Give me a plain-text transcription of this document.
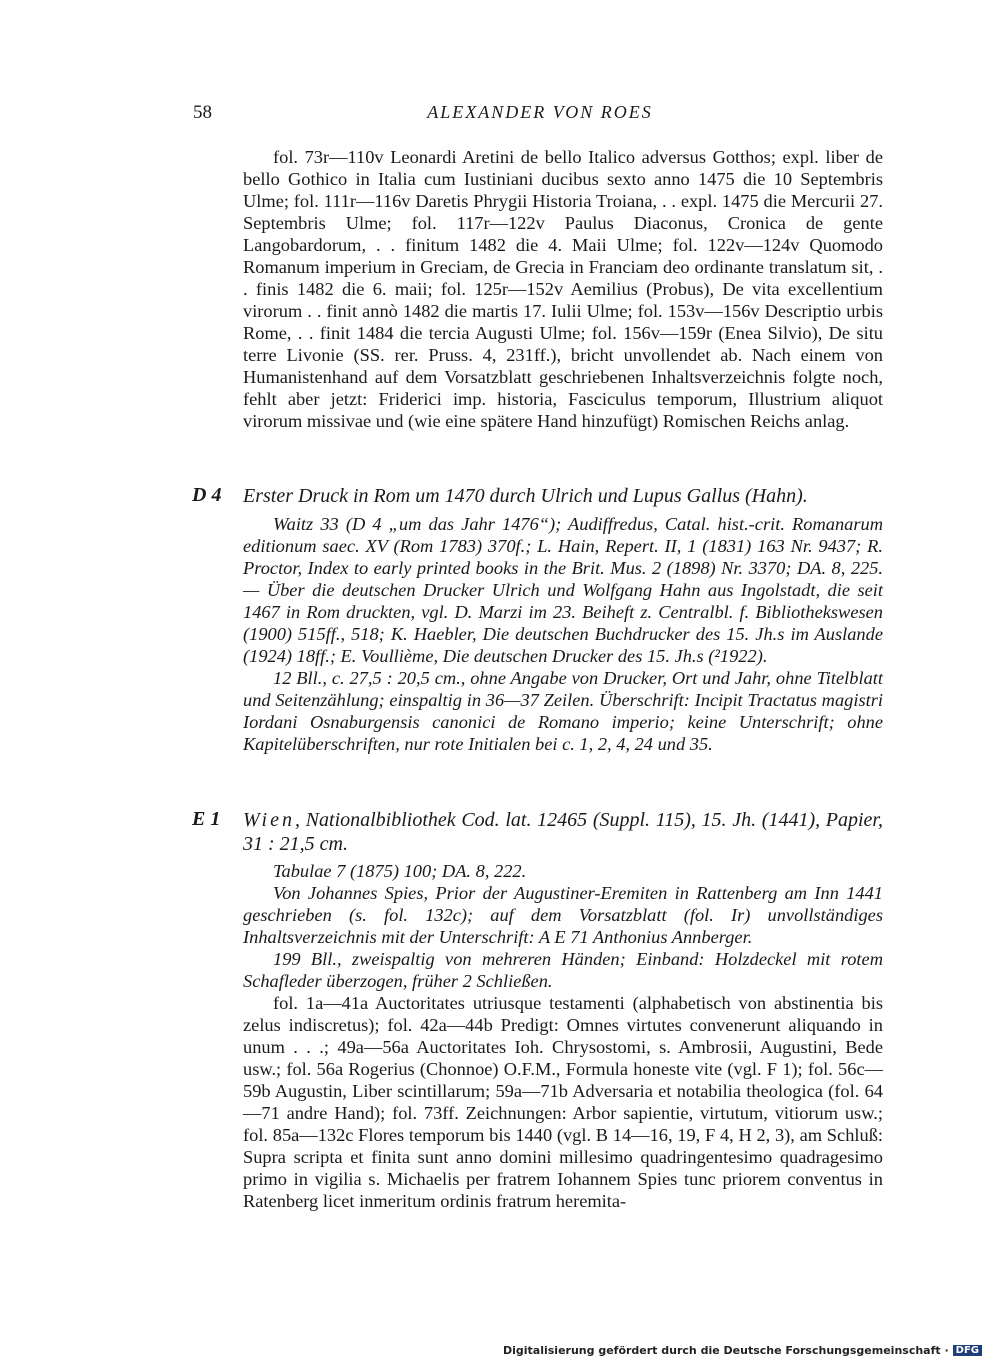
58	ALEXANDER VON ROES

fol. 73r—110v Leonardi Aretini de bello Italico adversus Gotthos; expl. liber de bello Gothico in Italia cum Iustiniani ducibus sexto anno 1475 die 10 Septembris Ulme; fol. 111r—116v Daretis Phrygii Historia Troiana, . . expl. 1475 die Mercurii 27. Septembris Ulme; fol. 117r—122v Paulus Diaconus, Cronica de gente Langobardorum, . . finitum 1482 die 4. Maii Ulme; fol. 122v—124v Quomodo Romanum imperium in Greciam, de Grecia in Franciam deo ordinante translatum sit, . . finis 1482 die 6. maii; fol. 125r—152v Aemilius (Probus), De vita excellentium virorum . . finit annò 1482 die martis 17. Iulii Ulme; fol. 153v—156v Descriptio urbis Rome, . . finit 1484 die tercia Augusti Ulme; fol. 156v—159r (Enea Silvio), De situ terre Livonie (SS. rer. Pruss. 4, 231ff.), bricht unvollendet ab. Nach einem von Humanistenhand auf dem Vorsatzblatt geschriebenen Inhaltsverzeichnis folgte noch, fehlt aber jetzt: Friderici imp. historia, Fasciculus temporum, Illustrium aliquot virorum missivae und (wie eine spätere Hand hinzufügt) Romischen Reichs anlag.

D 4 Erster Druck in Rom um 1470 durch Ulrich und Lupus Gallus (Hahn).

Waitz 33 (D 4 „um das Jahr 1476“); Audiffredus, Catal. hist.-crit. Romanarum editionum saec. XV (Rom 1783) 370f.; L. Hain, Repert. II, 1 (1831) 163 Nr. 9437; R. Proctor, Index to early printed books in the Brit. Mus. 2 (1898) Nr. 3370; DA. 8, 225. — Über die deutschen Drucker Ulrich und Wolfgang Hahn aus Ingolstadt, die seit 1467 in Rom druckten, vgl. D. Marzi im 23. Beiheft z. Centralbl. f. Bibliothekswesen (1900) 515ff., 518; K. Haebler, Die deutschen Buchdrucker des 15. Jh.s im Auslande (1924) 18ff.; E. Voullième, Die deutschen Drucker des 15. Jh.s (²1922).

12 Bll., c. 27,5 : 20,5 cm., ohne Angabe von Drucker, Ort und Jahr, ohne Titelblatt und Seitenzählung; einspaltig in 36—37 Zeilen. Überschrift: Incipit Tractatus magistri Iordani Osnaburgensis canonici de Romano imperio; keine Unterschrift; ohne Kapitelüberschriften, nur rote Initialen bei c. 1, 2, 4, 24 und 35.

E 1 Wien, Nationalbibliothek Cod. lat. 12465 (Suppl. 115), 15. Jh. (1441), Papier, 31 : 21,5 cm.

Tabulae 7 (1875) 100; DA. 8, 222.

Von Johannes Spies, Prior der Augustiner-Eremiten in Rattenberg am Inn 1441 geschrieben (s. fol. 132c); auf dem Vorsatzblatt (fol. Ir) unvollständiges Inhaltsverzeichnis mit der Unterschrift: A E 71 Anthonius Annberger.

199 Bll., zweispaltig von mehreren Händen; Einband: Holzdeckel mit rotem Schafleder überzogen, früher 2 Schließen.

fol. 1a—41a Auctoritates utriusque testamenti (alphabetisch von abstinentia bis zelus indiscretus); fol. 42a—44b Predigt: Omnes virtutes convenerunt aliquando in unum . . .; 49a—56a Auctoritates Ioh. Chrysostomi, s. Ambrosii, Augustini, Bede usw.; fol. 56a Rogerius (Chonnoe) O.F.M., Formula honeste vite (vgl. F 1); fol. 56c—59b Augustin, Liber scintillarum; 59a—71b Adversaria et notabilia theologica (fol. 64—71 andre Hand); fol. 73ff. Zeichnungen: Arbor sapientie, virtutum, vitiorum usw.; fol. 85a—132c Flores temporum bis 1440 (vgl. B 14—16, 19, F 4, H 2, 3), am Schluß: Supra scripta et finita sunt anno domini millesimo quadringentesimo quadragesimo primo in vigilia s. Michaelis per fratrem Iohannem Spies tunc priorem conventus in Ratenberg licet inmeritum ordinis fratrum heremita-

Digitalisierung gefördert durch die Deutsche Forschungsgemeinschaft · DFG
